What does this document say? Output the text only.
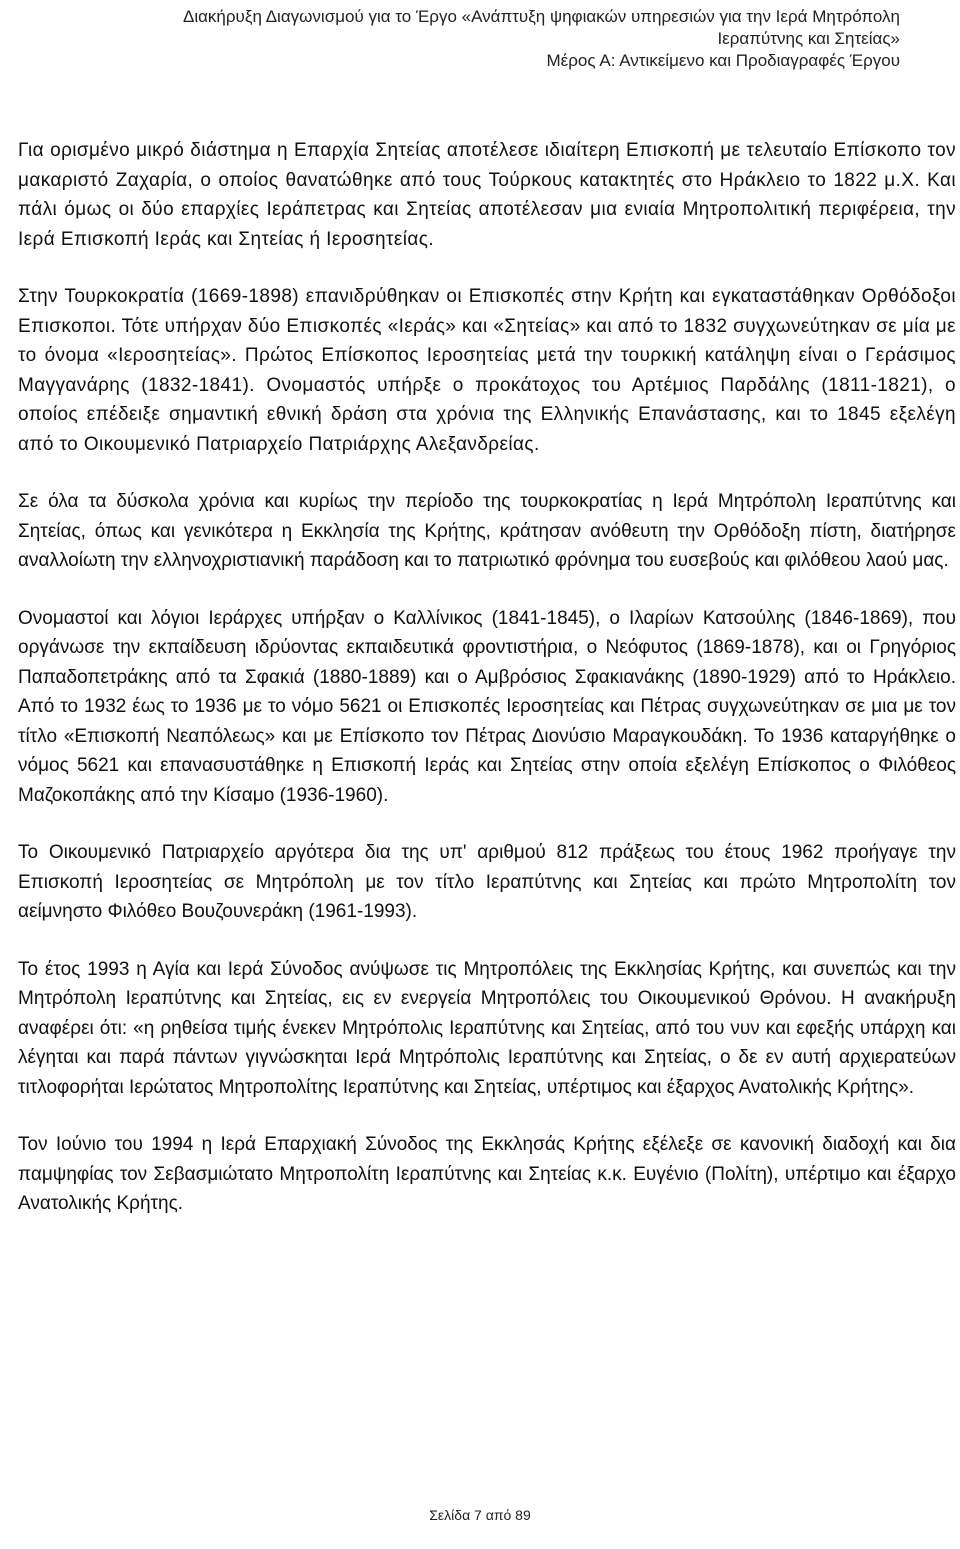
Διακήρυξη Διαγωνισμού για το Έργο «Ανάπτυξη ψηφιακών υπηρεσιών για την Ιερά Μητρόπολη
Ιεραπύτνης και Σητείας»
Μέρος Α: Αντικείμενο και Προδιαγραφές Έργου

Για ορισμένο μικρό διάστημα η Επαρχία Σητείας αποτέλεσε ιδιαίτερη Επισκοπή με τελευταίο Επίσκοπο τον μακαριστό Ζαχαρία, ο οποίος θανατώθηκε από τους Τούρκους κατακτητές στο Ηράκλειο το 1822 μ.Χ. Και πάλι όμως οι δύο επαρχίες Ιεράπετρας και Σητείας αποτέλεσαν μια ενιαία Μητροπολιτική περιφέρεια, την Ιερά Επισκοπή Ιεράς και Σητείας ή Ιεροσητείας.

Στην Τουρκοκρατία (1669-1898) επανιδρύθηκαν οι Επισκοπές στην Κρήτη και εγκαταστάθηκαν Ορθόδοξοι Επισκοποι. Τότε υπήρχαν δύο Επισκοπές «Ιεράς» και «Σητείας» και από το 1832 συγχωνεύτηκαν σε μία με το όνομα «Ιεροσητείας». Πρώτος Επίσκοπος Ιεροσητείας μετά την τουρκική κατάληψη είναι ο Γεράσιμος Μαγγανάρης (1832-1841). Ονομαστός υπήρξε ο προκάτοχος του Αρτέμιος Παρδάλης (1811-1821), ο οποίος επέδειξε σημαντική εθνική δράση στα χρόνια της Ελληνικής Επανάστασης, και το 1845 εξελέγη από το Οικουμενικό Πατριαρχείο Πατριάρχης Αλεξανδρείας.

Σε όλα τα δύσκολα χρόνια και κυρίως την περίοδο της τουρκοκρατίας η Ιερά Μητρόπολη Ιεραπύτνης και Σητείας, όπως και γενικότερα η Εκκλησία της Κρήτης, κράτησαν ανόθευτη την Ορθόδοξη πίστη, διατήρησε αναλλοίωτη την ελληνοχριστιανική παράδοση και το πατριωτικό φρόνημα του ευσεβούς και φιλόθεου λαού μας.

Ονομαστοί και λόγιοι Ιεράρχες υπήρξαν ο Καλλίνικος (1841-1845), ο Ιλαρίων Κατσούλης (1846-1869), που οργάνωσε την εκπαίδευση ιδρύοντας εκπαιδευτικά φροντιστήρια, ο Νεόφυτος (1869-1878), και οι Γρηγόριος Παπαδοπετράκης από τα Σφακιά (1880-1889) και ο Αμβρόσιος Σφακιανάκης (1890-1929) από το Ηράκλειο. Από το 1932 έως το 1936 με το νόμο 5621 οι Επισκοπές Ιεροσητείας και Πέτρας συγχωνεύτηκαν σε μια με τον τίτλο «Επισκοπή Νεαπόλεως» και με Επίσκοπο τον Πέτρας Διονύσιο Μαραγκουδάκη. Το 1936 καταργήθηκε ο νόμος 5621 και επανασυστάθηκε η Επισκοπή Ιεράς και Σητείας στην οποία εξελέγη Επίσκοπος ο Φιλόθεος Μαζοκοπάκης από την Κίσαμο (1936-1960).

Το Οικουμενικό Πατριαρχείο αργότερα δια της υπ' αριθμού 812 πράξεως του έτους 1962 προήγαγε την Επισκοπή Ιεροσητείας σε Μητρόπολη με τον τίτλο Ιεραπύτνης και Σητείας και πρώτο Μητροπολίτη τον αείμνηστο Φιλόθεο Βουζουνεράκη (1961-1993).

Το έτος 1993 η Αγία και Ιερά Σύνοδος ανύψωσε τις Μητροπόλεις της Εκκλησίας Κρήτης, και συνεπώς και την Μητρόπολη Ιεραπύτνης και Σητείας, εις εν ενεργεία Μητροπόλεις του Οικουμενικού Θρόνου. Η ανακήρυξη αναφέρει ότι: «η ρηθείσα τιμής ένεκεν Μητρόπολις Ιεραπύτνης και Σητείας, από του νυν και εφεξής υπάρχη και λέγηται και παρά πάντων γιγνώσκηται Ιερά Μητρόπολις Ιεραπύτνης και Σητείας, ο δε εν αυτή αρχιερατεύων τιτλοφορήται Ιερώτατος Μητροπολίτης Ιεραπύτνης και Σητείας, υπέρτιμος και έξαρχος Ανατολικής Κρήτης».

Τον Ιούνιο του 1994 η Ιερά Επαρχιακή Σύνοδος της Εκκλησάς Κρήτης εξέλεξε σε κανονική διαδοχή και δια παμψηφίας τον Σεβασμιώτατο Μητροπολίτη Ιεραπύτνης και Σητείας κ.κ. Ευγένιο (Πολίτη), υπέρτιμο και έξαρχο Ανατολικής Κρήτης.

Σελίδα 7 από 89
